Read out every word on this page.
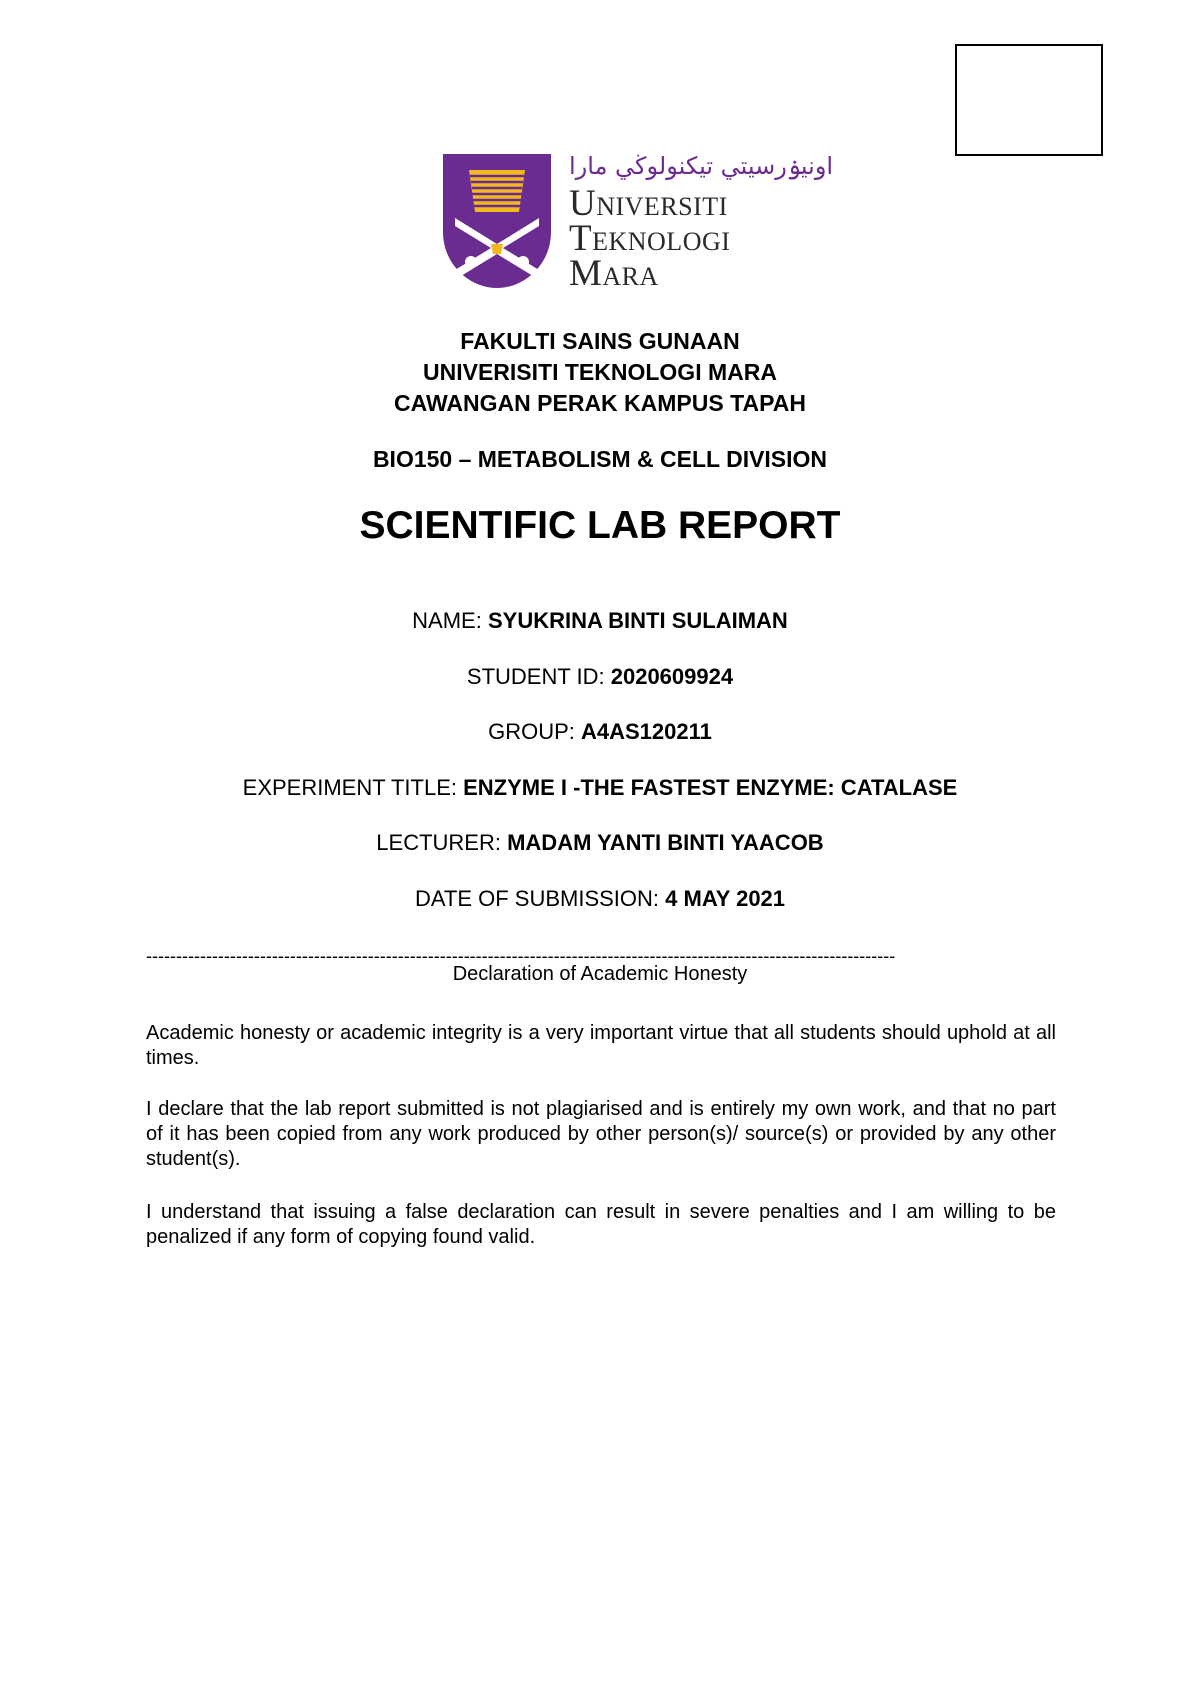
اونيۏرسيتي تيكنولوڬي مارا
Universiti
Teknologi
Mara
FAKULTI SAINS GUNAAN
UNIVERISITI TEKNOLOGI MARA
CAWANGAN PERAK KAMPUS TAPAH
BIO150 – METABOLISM & CELL DIVISION
SCIENTIFIC LAB REPORT
NAME: SYUKRINA BINTI SULAIMAN
STUDENT ID: 2020609924
GROUP: A4AS120211
EXPERIMENT TITLE: ENZYME I -THE FASTEST ENZYME: CATALASE
LECTURER: MADAM YANTI BINTI YAACOB
DATE OF SUBMISSION: 4 MAY 2021
-----------------------------------------------------------------------------------------------------------------------------
Declaration of Academic Honesty
Academic honesty or academic integrity is a very important virtue that all students should uphold at all times.
I declare that the lab report submitted is not plagiarised and is entirely my own work, and that no part of it has been copied from any work produced by other person(s)/ source(s) or provided by any other student(s).
I understand that issuing a false declaration can result in severe penalties and I am willing to be penalized if any form of copying found valid.
